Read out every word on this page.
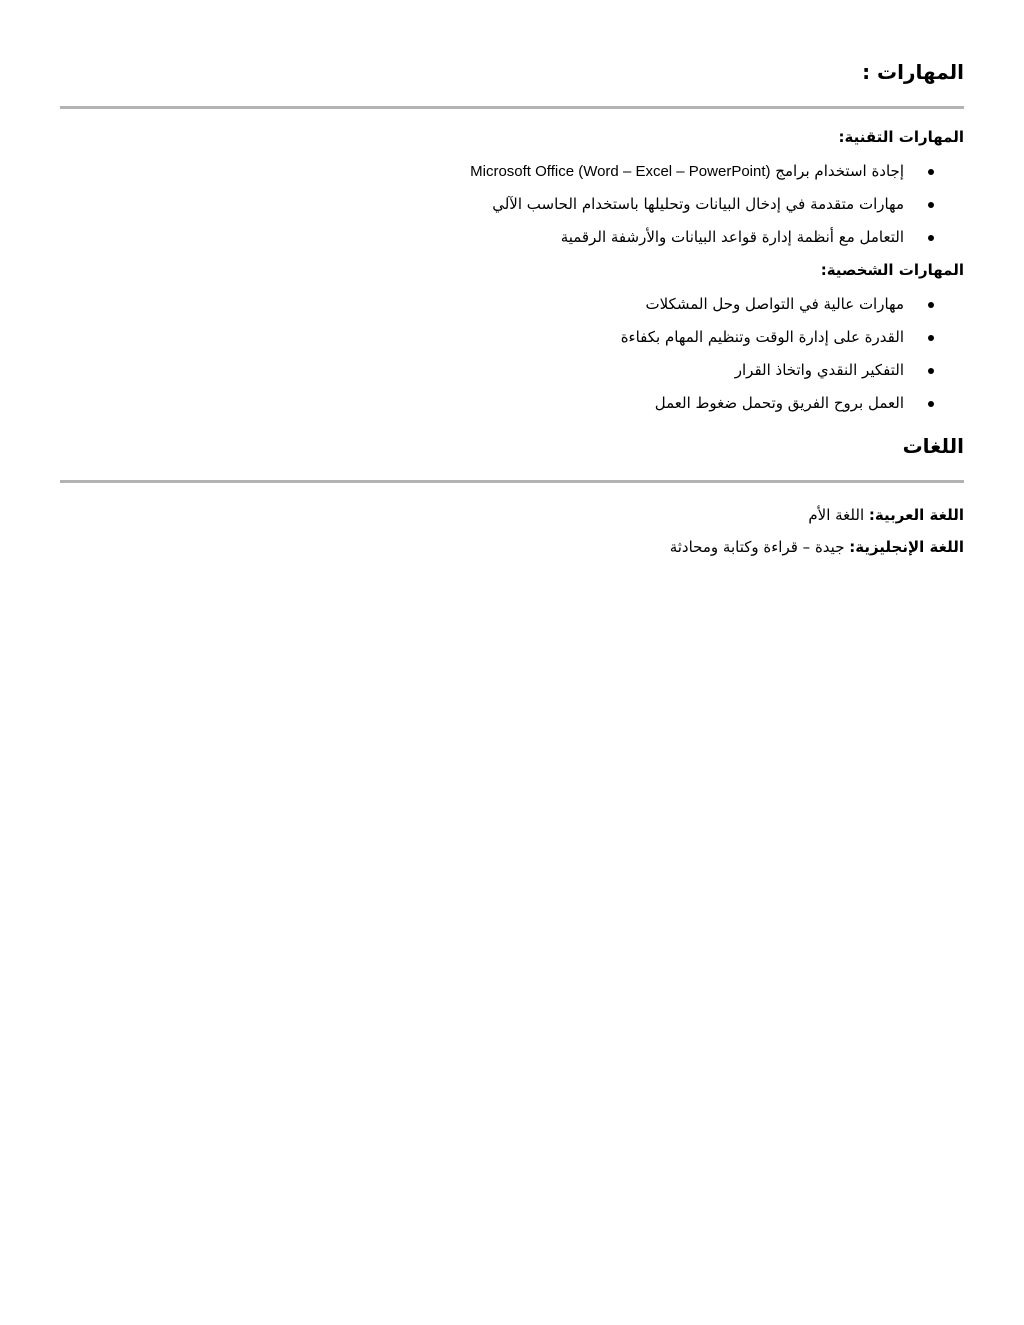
المهارات :
المهارات التقنية:
إجادة استخدام برامج Microsoft Office (Word – Excel – PowerPoint)
مهارات متقدمة في إدخال البيانات وتحليلها باستخدام الحاسب الآلي
التعامل مع أنظمة إدارة قواعد البيانات والأرشفة الرقمية
المهارات الشخصية:
مهارات عالية في التواصل وحل المشكلات
القدرة على إدارة الوقت وتنظيم المهام بكفاءة
التفكير النقدي واتخاذ القرار
العمل بروح الفريق وتحمل ضغوط العمل
اللغات

اللغة العربية: اللغة الأم

اللغة الإنجليزية: جيدة – قراءة وكتابة ومحادثة
